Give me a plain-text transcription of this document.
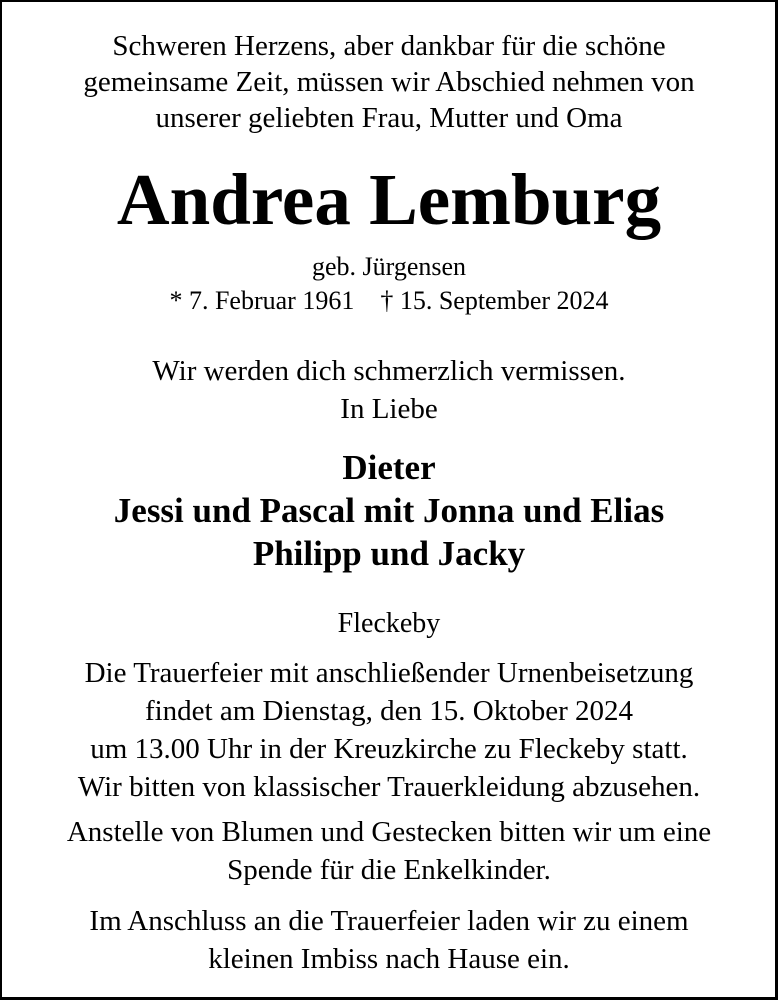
Schweren Herzens, aber dankbar für die schöne
gemeinsame Zeit, müssen wir Abschied nehmen von
unserer geliebten Frau, Mutter und Oma
Andrea Lemburg
geb. Jürgensen
* 7. Februar 1961 † 15. September 2024
Wir werden dich schmerzlich vermissen.
In Liebe
Dieter
Jessi und Pascal mit Jonna und Elias
Philipp und Jacky
Fleckeby
Die Trauerfeier mit anschließender Urnenbeisetzung
findet am Dienstag, den 15. Oktober 2024
um 13.00 Uhr in der Kreuzkirche zu Fleckeby statt.
Wir bitten von klassischer Trauerkleidung abzusehen.
Anstelle von Blumen und Gestecken bitten wir um eine
Spende für die Enkelkinder.
Im Anschluss an die Trauerfeier laden wir zu einem
kleinen Imbiss nach Hause ein.
